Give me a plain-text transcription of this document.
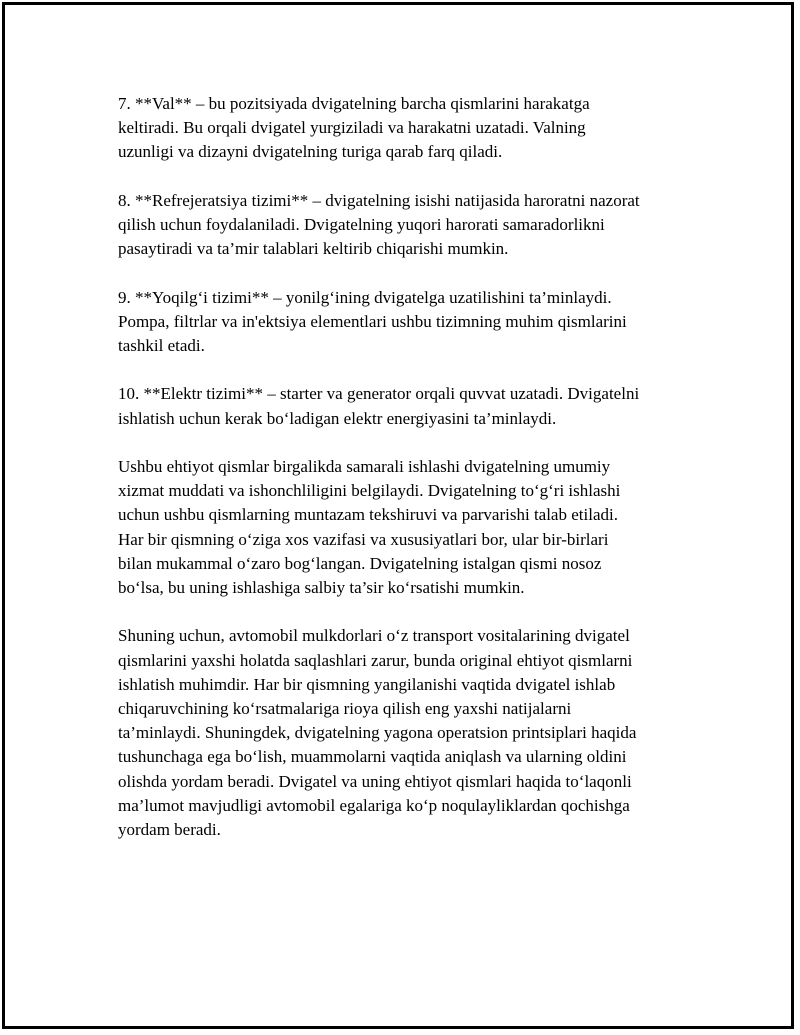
7. **Val** – bu pozitsiyada dvigatelning barcha qismlarini harakatga
keltiradi. Bu orqali dvigatel yurgiziladi va harakatni uzatadi. Valning
uzunligi va dizayni dvigatelning turiga qarab farq qiladi.

8. **Refrejeratsiya tizimi** – dvigatelning isishi natijasida haroratni nazorat
qilish uchun foydalaniladi. Dvigatelning yuqori harorati samaradorlikni
pasaytiradi va ta’mir talablari keltirib chiqarishi mumkin.

9. **Yoqilg‘i tizimi** – yonilg‘ining dvigatelga uzatilishini ta’minlaydi.
Pompa, filtrlar va in'ektsiya elementlari ushbu tizimning muhim qismlarini
tashkil etadi.

10. **Elektr tizimi** – starter va generator orqali quvvat uzatadi. Dvigatelni
ishlatish uchun kerak bo‘ladigan elektr energiyasini ta’minlaydi.

Ushbu ehtiyot qismlar birgalikda samarali ishlashi dvigatelning umumiy
xizmat muddati va ishonchliligini belgilaydi. Dvigatelning to‘g‘ri ishlashi
uchun ushbu qismlarning muntazam tekshiruvi va parvarishi talab etiladi.
Har bir qismning o‘ziga xos vazifasi va xususiyatlari bor, ular bir-birlari
bilan mukammal o‘zaro bog‘langan. Dvigatelning istalgan qismi nosoz
bo‘lsa, bu uning ishlashiga salbiy ta’sir ko‘rsatishi mumkin.

Shuning uchun, avtomobil mulkdorlari o‘z transport vositalarining dvigatel
qismlarini yaxshi holatda saqlashlari zarur, bunda original ehtiyot qismlarni
ishlatish muhimdir. Har bir qismning yangilanishi vaqtida dvigatel ishlab
chiqaruvchining ko‘rsatmalariga rioya qilish eng yaxshi natijalarni
ta’minlaydi. Shuningdek, dvigatelning yagona operatsion printsiplari haqida
tushunchaga ega bo‘lish, muammolarni vaqtida aniqlash va ularning oldini
olishda yordam beradi. Dvigatel va uning ehtiyot qismlari haqida to‘laqonli
ma’lumot mavjudligi avtomobil egalariga ko‘p noqulayliklardan qochishga
yordam beradi.
